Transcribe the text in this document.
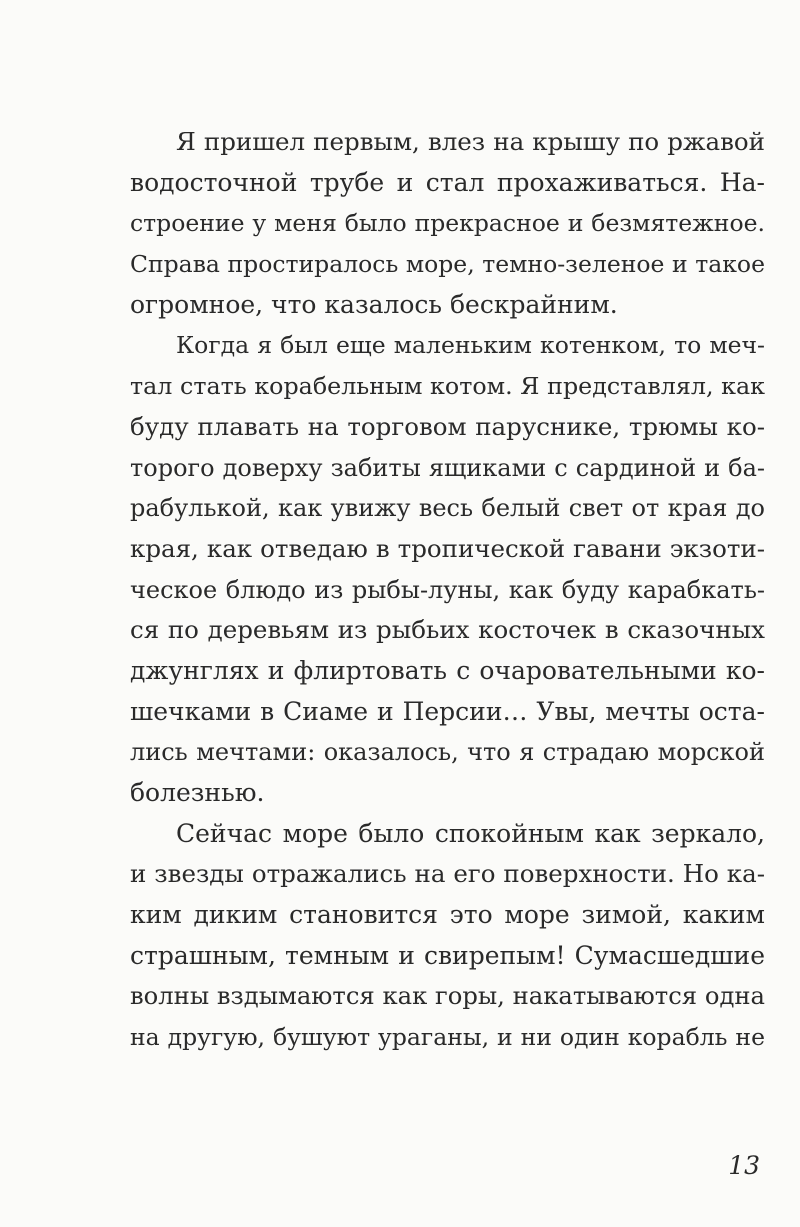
Я пришел первым, влез на крышу по ржавой
водосточной трубе и стал прохаживаться. На-
строение у меня было прекрасное и безмятежное.
Справа простиралось море, темно-зеленое и такое
огромное, что казалось бескрайним.
Когда я был еще маленьким котенком, то меч-
тал стать корабельным котом. Я представлял, как
буду плавать на торговом паруснике, трюмы ко-
торого доверху забиты ящиками с сардиной и ба-
рабулькой, как увижу весь белый свет от края до
края, как отведаю в тропической гавани экзоти-
ческое блюдо из рыбы-луны, как буду карабкать-
ся по деревьям из рыбьих косточек в сказочных
джунглях и флиртовать с очаровательными ко-
шечками в Сиаме и Персии… Увы, мечты оста-
лись мечтами: оказалось, что я страдаю морской
болезнью.
Сейчас море было спокойным как зеркало,
и звезды отражались на его поверхности. Но ка-
ким диким становится это море зимой, каким
страшным, темным и свирепым! Сумасшедшие
волны вздымаются как горы, накатываются одна
на другую, бушуют ураганы, и ни один корабль не
13
